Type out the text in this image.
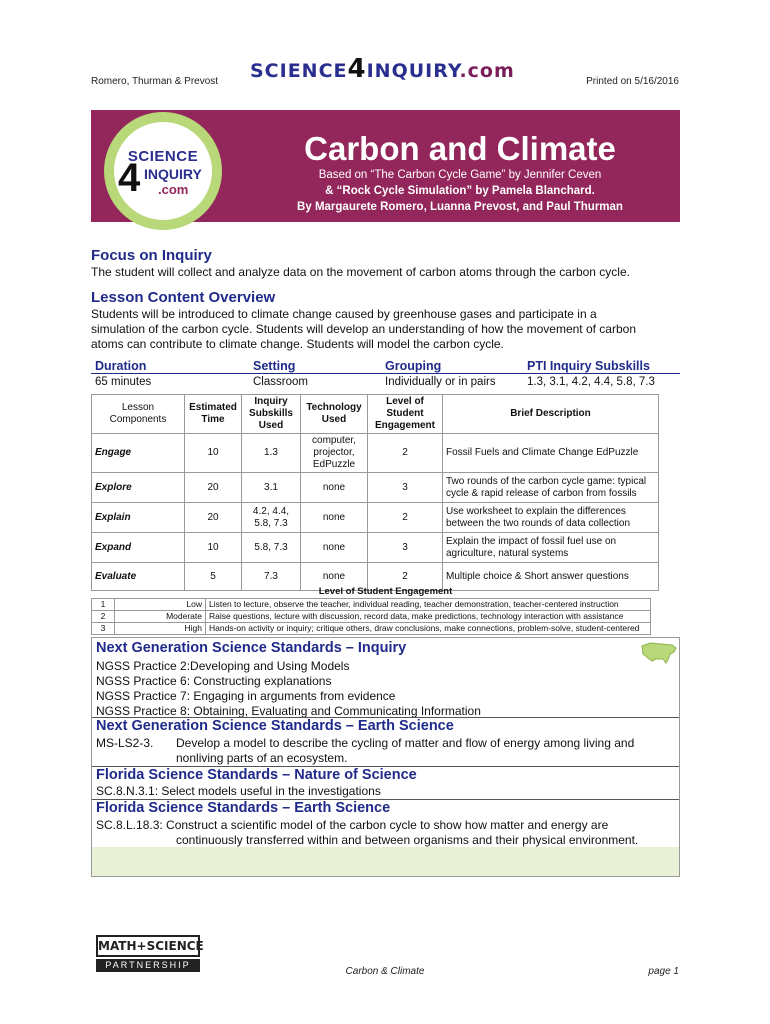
Romero, Thurman & Prevost SCIENCE4INQUIRY.com	Printed on 5/16/2016
SCIENCE
4 INQUIRY
.com
Carbon and Climate
Based on “The Carbon Cycle Game” by Jennifer Ceven
& “Rock Cycle Simulation” by Pamela Blanchard.
By Margaurete Romero, Luanna Prevost, and Paul Thurman
Focus on Inquiry
The student will collect and analyze data on the movement of carbon atoms through the carbon cycle.
Lesson Content Overview
Students will be introduced to climate change caused by greenhouse gases and participate in a
simulation of the carbon cycle. Students will develop an understanding of how the movement of carbon
atoms can contribute to climate change. Students will model the carbon cycle.
Duration	Setting	Grouping	PTI Inquiry Subskills
65 minutes	Classroom	Individually or in pairs	1.3, 3.1, 4.2, 4.4, 5.8, 7.3
Lesson
Components	Estimated
Time	Inquiry
Subskills
Used	Technology
Used	Level of
Student
Engagement	Brief Description
Engage	10	1.3	computer,
projector,
EdPuzzle	2	Fossil Fuels and Climate Change EdPuzzle
Explore	20	3.1	none	3	Two rounds of the carbon cycle game: typical
cycle & rapid release of carbon from fossils
Explain	20	4.2, 4.4,
5.8, 7.3	none	2	Use worksheet to explain the differences
between the two rounds of data collection
Expand	10	5.8, 7.3	none	3	Explain the impact of fossil fuel use on
agriculture, natural systems
Evaluate	5	7.3	none	2	Multiple choice & Short answer questions
Level of Student Engagement
1	Low	Listen to lecture, observe the teacher, individual reading, teacher demonstration, teacher-centered instruction
2	Moderate	Raise questions, lecture with discussion, record data, make predictions, technology interaction with assistance
3	High	Hands-on activity or inquiry; critique others, draw conclusions, make connections, problem-solve, student-centered
Next Generation Science Standards – Inquiry
NGSS Practice 2:Developing and Using Models
NGSS Practice 6: Constructing explanations
NGSS Practice 7: Engaging in arguments from evidence
NGSS Practice 8: Obtaining, Evaluating and Communicating Information
Next Generation Science Standards – Earth Science
MS-LS2-3. Develop a model to describe the cycling of matter and flow of energy among living and
nonliving parts of an ecosystem.
Florida Science Standards – Nature of Science
SC.8.N.3.1: Select models useful in the investigations
Florida Science Standards – Earth Science
SC.8.L.18.3: Construct a scientific model of the carbon cycle to show how matter and energy are
continuously transferred within and between organisms and their physical environment.
MATH+SCIENCE
PARTNERSHIP
Carbon & Climate	page 1
